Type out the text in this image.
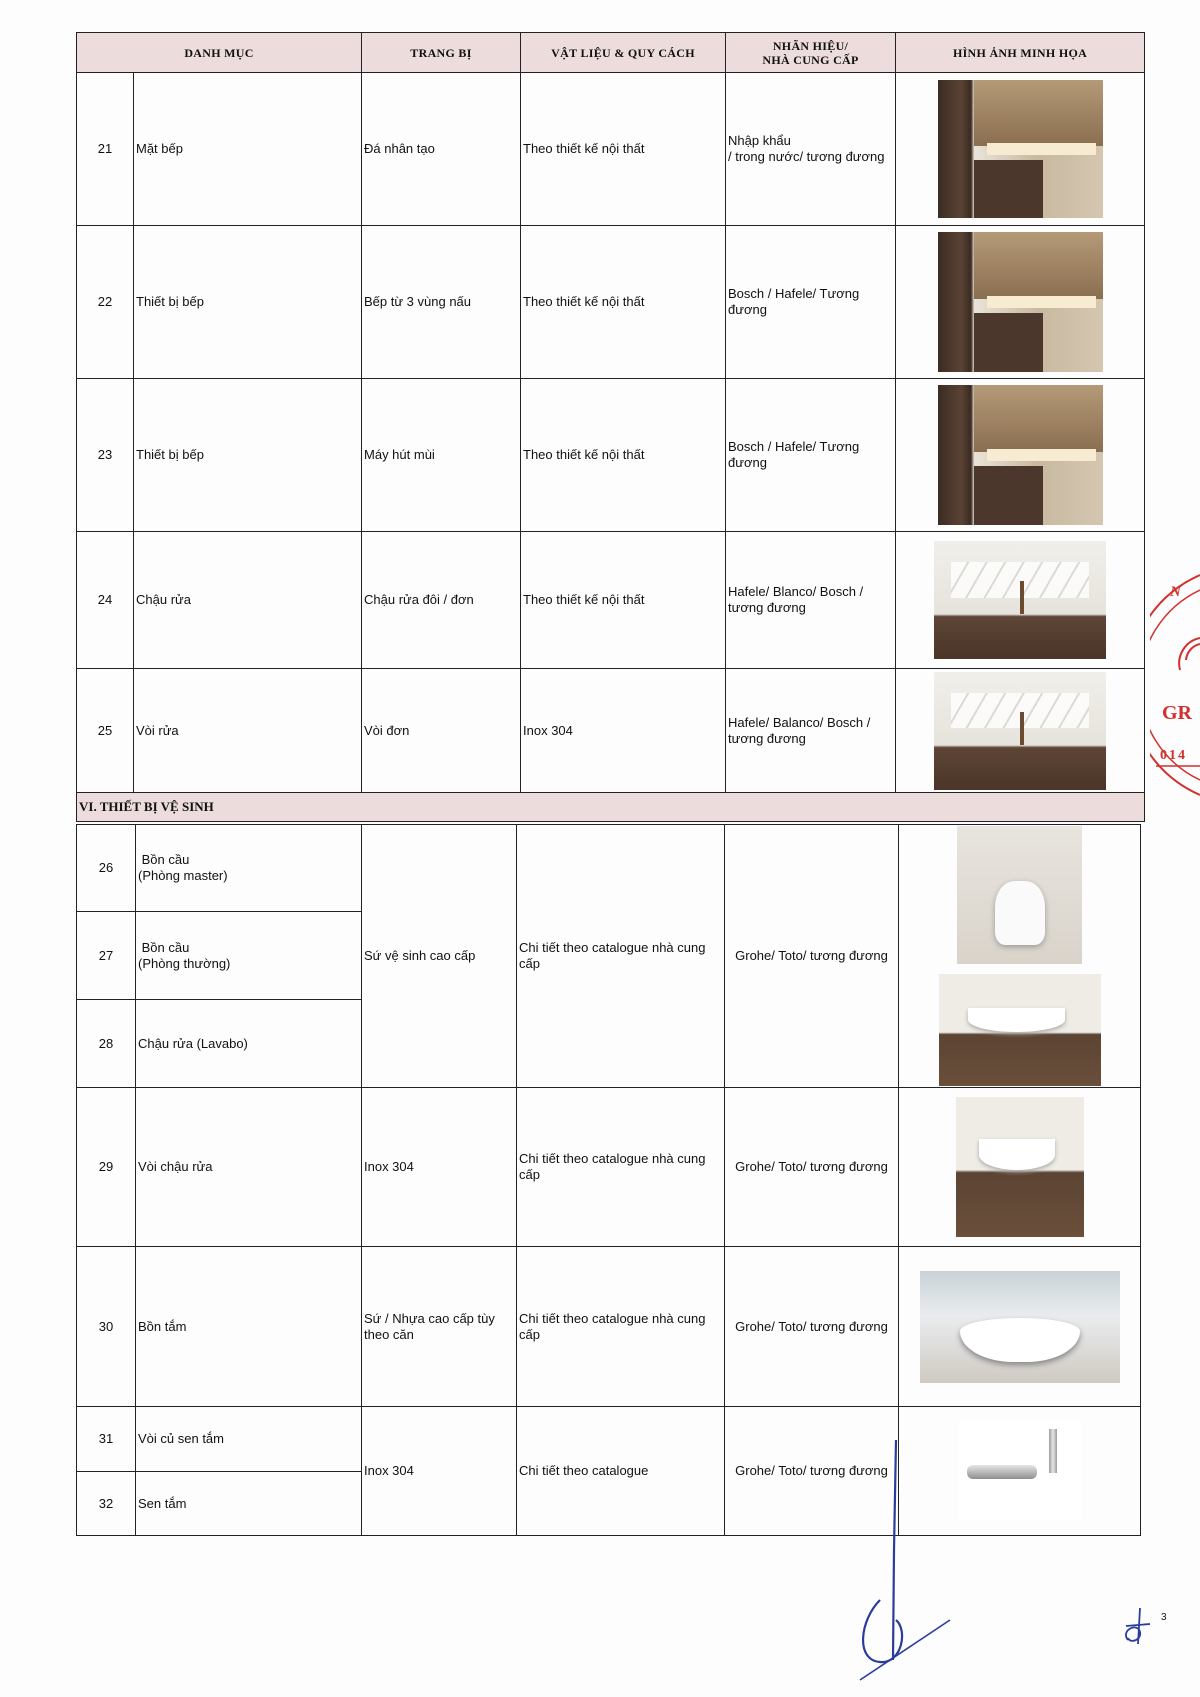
DANH MỤC		TRANG BỊ	VẬT LIỆU & QUY CÁCH	NHÃN HIỆU/
NHÀ CUNG CẤP	HÌNH ẢNH MINH HỌA
21	Mặt bếp	Đá nhân tạo	Theo thiết kế nội thất	Nhập khẩu
/ trong nước/ tương đương	

22	Thiết bị bếp	Bếp từ 3 vùng nấu	Theo thiết kế nội thất	Bosch / Hafele/ Tương
đương	

23	Thiết bị bếp	Máy hút mùi	Theo thiết kế nội thất	Bosch / Hafele/ Tương
đương	

24	Chậu rửa	Chậu rửa đôi / đơn	Theo thiết kế nội thất	Hafele/ Blanco/ Bosch /
tương đương	

25	Vòi rửa	Vòi đơn	Inox 304	Hafele/ Balanco/ Bosch /
tương đương	

VI. THIẾT BỊ VỆ SINH					
26	Bồn cầu
(Phòng master)	Sứ vệ sinh cao cấp	Chi tiết theo catalogue nhà cung
cấp	Grohe/ Toto/ tương đương	

27	Bồn cầu
(Phòng thường)				
28	Chậu rửa (Lavabo)				
29	Vòi chậu rửa	Inox 304	Chi tiết theo catalogue nhà cung
cấp	Grohe/ Toto/ tương đương	

30	Bồn tắm	Sứ / Nhựa cao cấp tùy
theo căn	Chi tiết theo catalogue nhà cung
cấp	Grohe/ Toto/ tương đương	

31	Vòi củ sen tắm	Inox 304	Chi tiết theo catalogue	Grohe/ Toto/ tương đương	

32	Sen tắm				
N
GR
014
3
